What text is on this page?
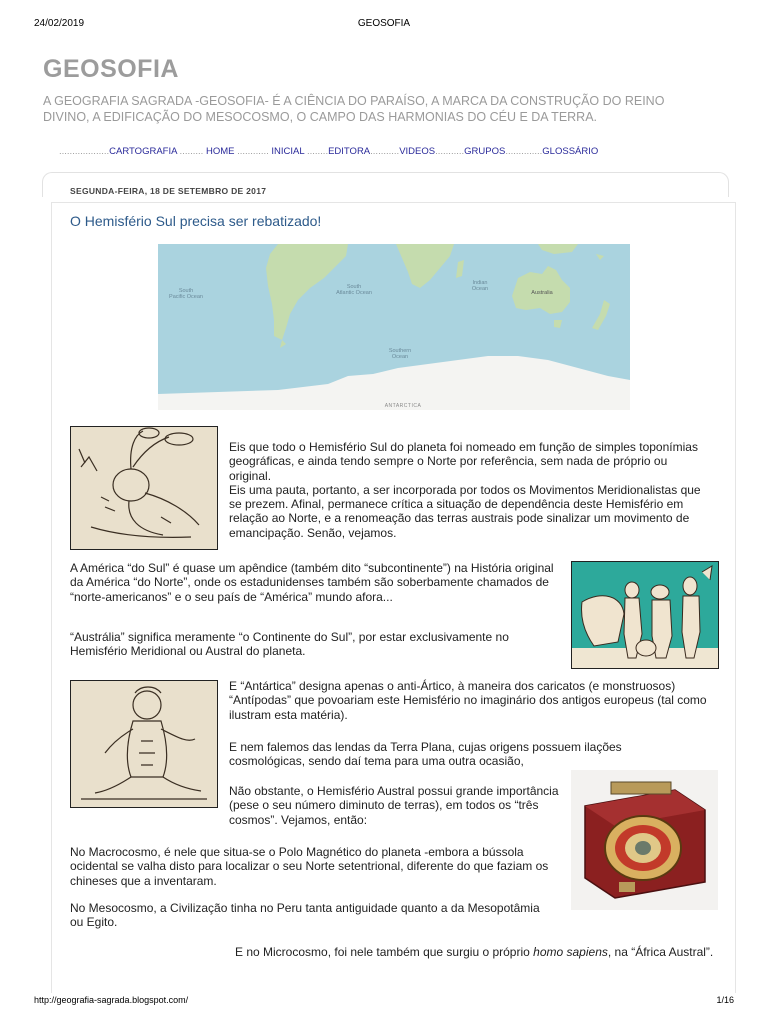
24/02/2019	GEOSOFIA
GEOSOFIA
A GEOGRAFIA SAGRADA -GEOSOFIA- É A CIÊNCIA DO PARAÍSO, A MARCA DA CONSTRUÇÃO DO REINO DIVINO, A EDIFICAÇÃO DO MESOCOSMO, O CAMPO DAS HARMONIAS DO CÉU E DA TERRA.
...................CARTOGRAFIA ......... HOME ............ INICIAL ........EDITORA...........VIDEOS...........GRUPOS..............GLOSSÁRIO
SEGUNDA-FEIRA, 18 DE SETEMBRO DE 2017
O Hemisfério Sul precisa ser rebatizado!
South Pacific Ocean
South Atlantic Ocean
Indian Ocean
Australia
Southern Ocean
ANTARCTICA

Eis que todo o Hemisfério Sul do planeta foi nomeado em função de simples toponímias geográficas, e ainda tendo sempre o Norte por referência, sem nada de próprio ou original.

Eis uma pauta, portanto, a ser incorporada por todos os Movimentos Meridionalistas que se prezem. Afinal, permanece crítica a situação de dependência deste Hemisfério em relação ao Norte, e a renomeação das terras austrais pode sinalizar um movimento de emancipação. Senão, vejamos.

A América “do Sul” é quase um apêndice (também dito “subcontinente”) na História original da América “do Norte”, onde os estadunidenses também são soberbamente chamados de “norte-americanos” e o seu país de “América” mundo afora...

“Austrália” significa meramente “o Continente do Sul”, por estar exclusivamente no Hemisfério Meridional ou Austral do planeta.

E “Antártica” designa apenas o anti-Ártico, à maneira dos caricatos (e monstruosos) “Antípodas” que povoariam este Hemisfério no imaginário dos antigos europeus (tal como ilustram esta matéria).

E nem falemos das lendas da Terra Plana, cujas origens possuem ilações cosmológicas, sendo daí tema para uma outra ocasião,

Não obstante, o Hemisfério Austral possui grande importância (pese o seu número diminuto de terras), em todos os “três cosmos”. Vejamos, então:

No Macrocosmo, é nele que situa-se o Polo Magnético do planeta -embora a bússola ocidental se valha disto para localizar o seu Norte setentrional, diferente do que faziam os chineses que a inventaram.

No Mesocosmo, a Civilização tinha no Peru tanta antiguidade quanto a da Mesopotâmia ou Egito.

E no Microcosmo, foi nele também que surgiu o próprio homo sapiens, na “África Austral”.

http://geografia-sagrada.blogspot.com/	1/16
